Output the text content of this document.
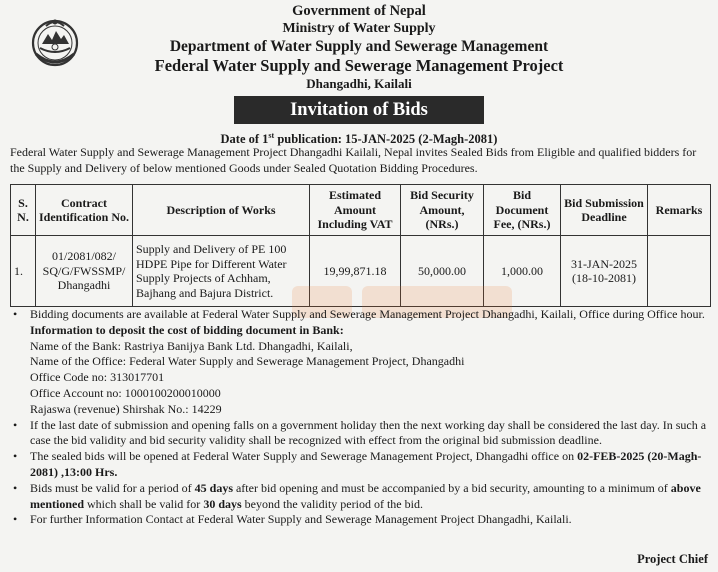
Government of Nepal
Ministry of Water Supply
Department of Water Supply and Sewerage Management
Federal Water Supply and Sewerage Management Project
Dhangadhi, Kailali
Invitation of Bids
Date of 1st publication: 15-JAN-2025 (2-Magh-2081)
Federal Water Supply and Sewerage Management Project Dhangadhi Kailali, Nepal invites Sealed Bids from Eligible and qualified bidders for the Supply and Delivery of below mentioned Goods under Sealed Quotation Bidding Procedures.
S. N.	Contract Identification No.	Description of Works	Estimated Amount Including VAT	Bid Security Amount, (NRs.)	Bid Document Fee, (NRs.)	Bid Submission Deadline	Remarks
1.	01/2081/082/ SQ/G/FWSSMP/ Dhangadhi	Supply and Delivery of PE 100 HDPE Pipe for Different Water Supply Projects of Achham, Bajhang and Bajura District.	19,99,871.18	50,000.00	1,000.00	31-JAN-2025 (18-10-2081)	
• Bidding documents are available at Federal Water Supply and Sewerage Management Project Dhangadhi, Kailali, Office during Office hour.
Information to deposit the cost of bidding document in Bank:
Name of the Bank: Rastriya Banijya Bank Ltd. Dhangadhi, Kailali,
Name of the Office: Federal Water Supply and Sewerage Management Project, Dhangadhi
Office Code no: 313017701
Office Account no: 1000100200010000
Rajaswa (revenue) Shirshak No.: 14229
• If the last date of submission and opening falls on a government holiday then the next working day shall be considered the last day. In such a case the bid validity and bid security validity shall be recognized with effect from the original bid submission deadline.
• The sealed bids will be opened at Federal Water Supply and Sewerage Management Project, Dhangadhi office on 02-FEB-2025 (20-Magh-2081) ,13:00 Hrs.
• Bids must be valid for a period of 45 days after bid opening and must be accompanied by a bid security, amounting to a minimum of above mentioned which shall be valid for 30 days beyond the validity period of the bid.
• For further Information Contact at Federal Water Supply and Sewerage Management Project Dhangadhi, Kailali.
Project Chief
